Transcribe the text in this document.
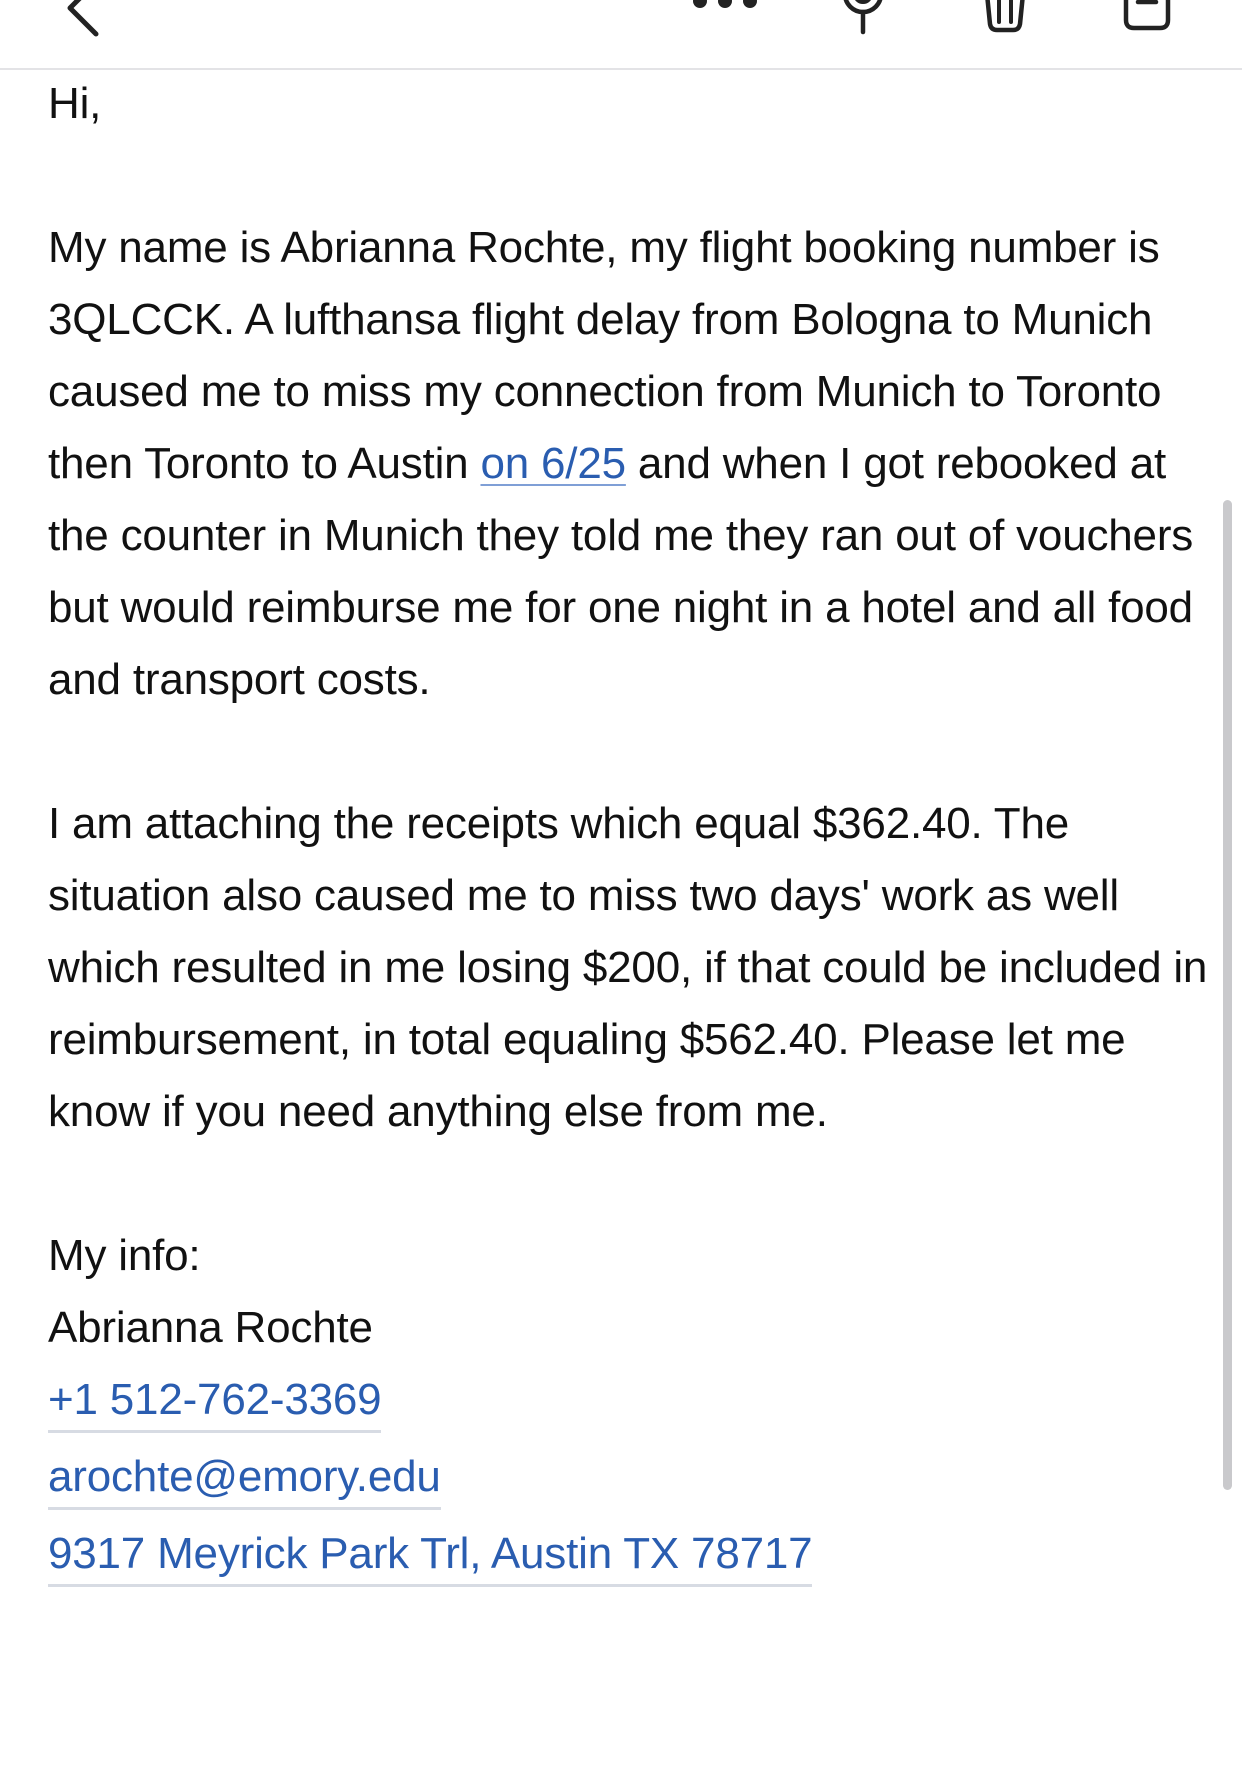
Hi,

My name is Abrianna Rochte, my flight booking number is 3QLCCK. A lufthansa flight delay from Bologna to Munich caused me to miss my connection from Munich to Toronto then Toronto to Austin on 6/25 and when I got rebooked at the counter in Munich they told me they ran out of vouchers but would reimburse me for one night in a hotel and all food and transport costs.

I am attaching the receipts which equal $362.40. The situation also caused me to miss two days' work as well which resulted in me losing $200, if that could be included in reimbursement, in total equaling $562.40. Please let me know if you need anything else from me.

My info:
Abrianna Rochte
+1 512-762-3369
arochte@emory.edu
9317 Meyrick Park Trl, Austin TX 78717
